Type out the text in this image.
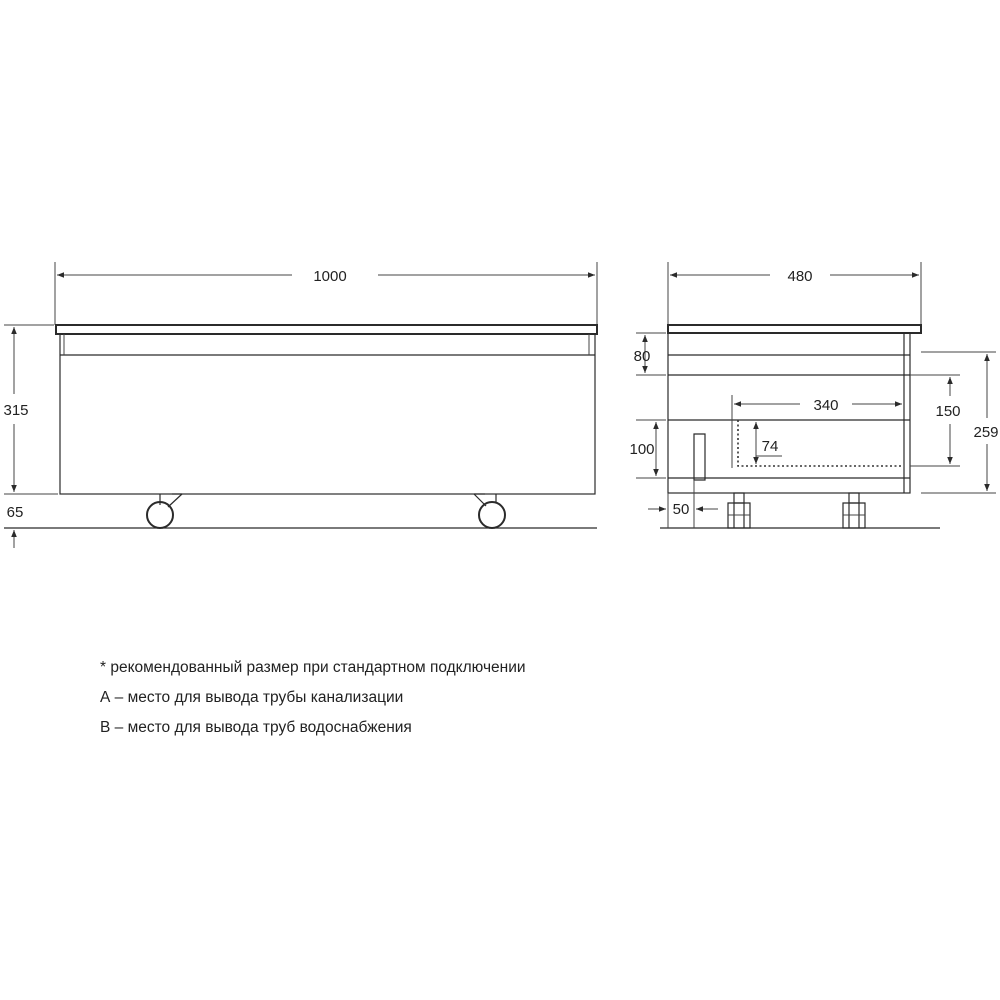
1000
315
65
480
340
74
80
100
150
259
50

* рекомендованный размер при стандартном подключении

А – место для вывода трубы канализации

В – место для вывода труб водоснабжения
